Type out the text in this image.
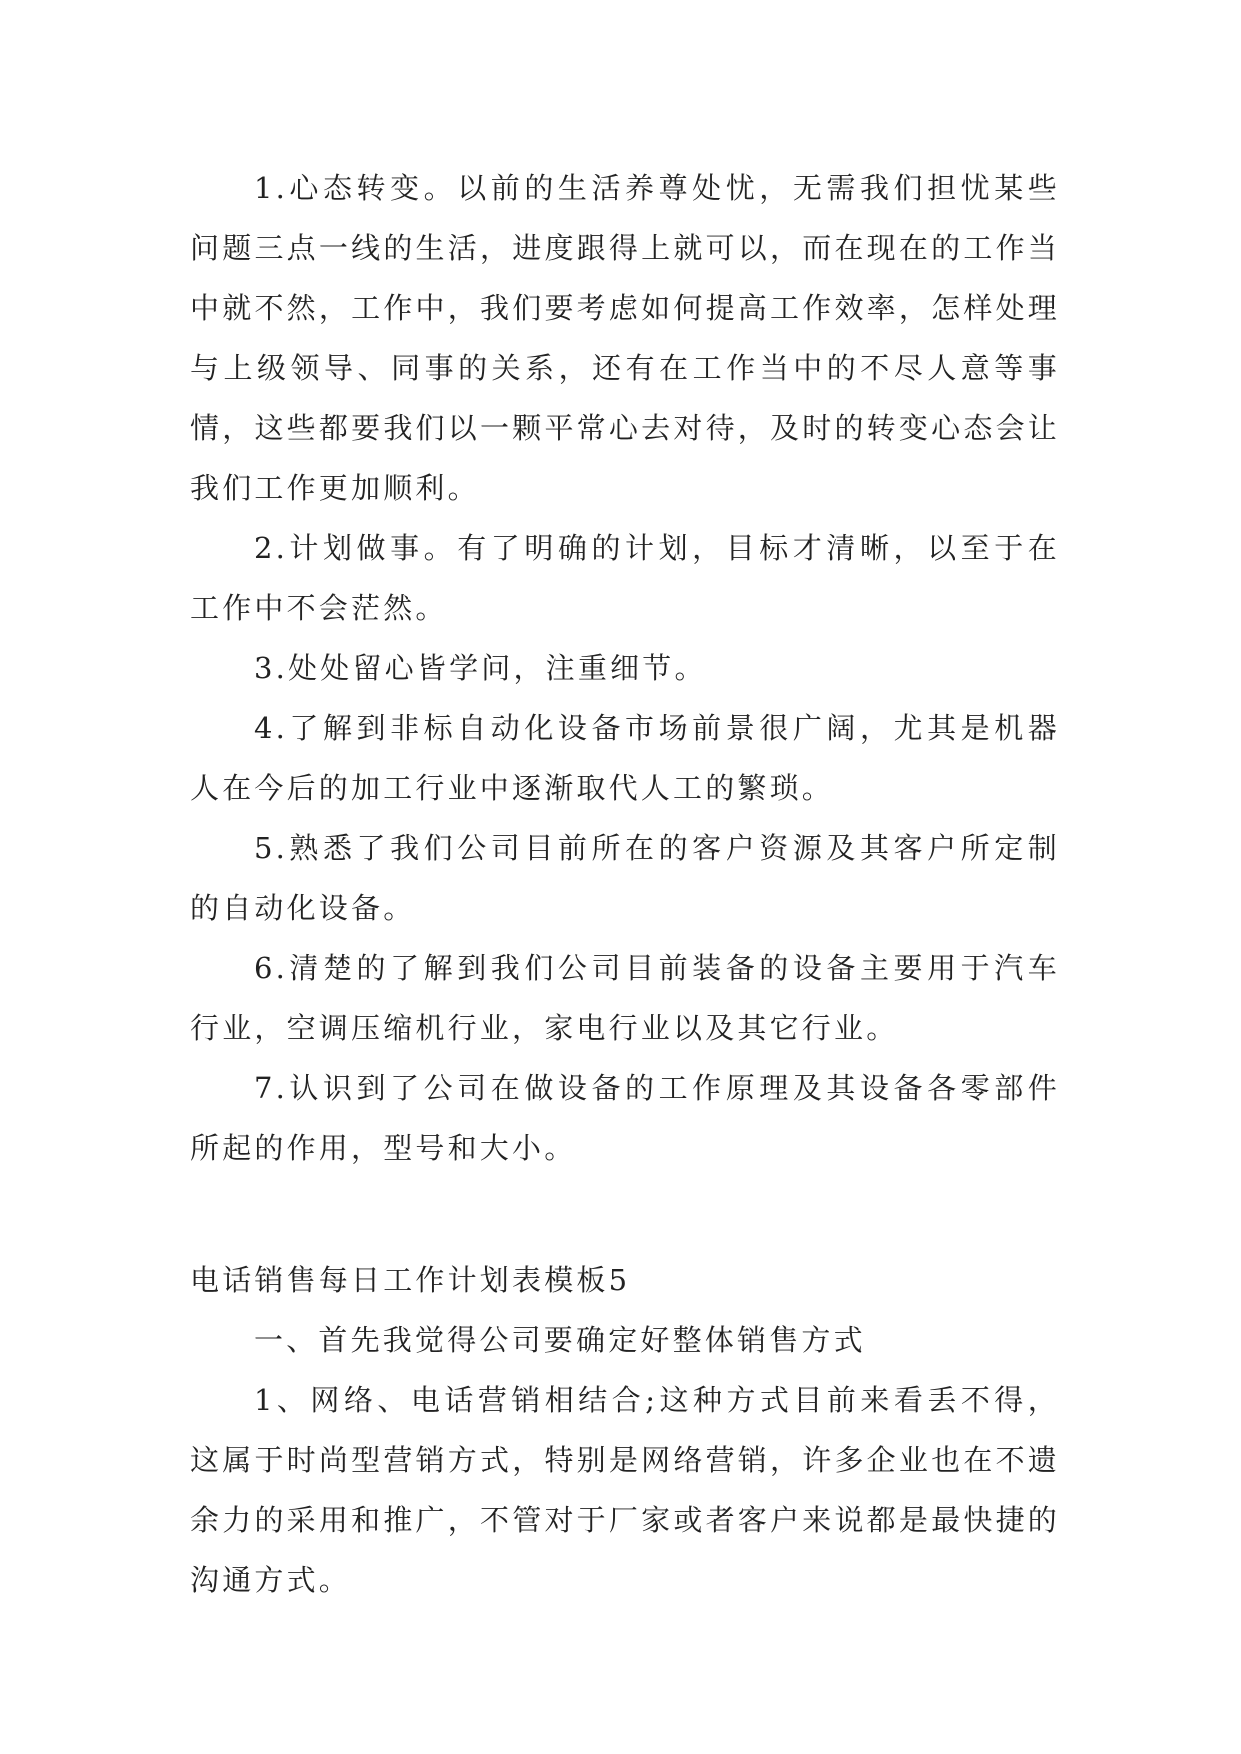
1.心态转变。以前的生活养尊处忧，无需我们担忧某些问题三点一线的生活，进度跟得上就可以，而在现在的工作当中就不然，工作中，我们要考虑如何提高工作效率，怎样处理与上级领导、同事的关系，还有在工作当中的不尽人意等事情，这些都要我们以一颗平常心去对待，及时的转变心态会让我们工作更加顺利。

2.计划做事。有了明确的计划，目标才清晰，以至于在工作中不会茫然。

3.处处留心皆学问，注重细节。

4.了解到非标自动化设备市场前景很广阔，尤其是机器人在今后的加工行业中逐渐取代人工的繁琐。

5.熟悉了我们公司目前所在的客户资源及其客户所定制的自动化设备。

6.清楚的了解到我们公司目前装备的设备主要用于汽车行业，空调压缩机行业，家电行业以及其它行业。

7.认识到了公司在做设备的工作原理及其设备各零部件所起的作用，型号和大小。

电话销售每日工作计划表模板5

一、首先我觉得公司要确定好整体销售方式

1、网络、电话营销相结合;这种方式目前来看丢不得，这属于时尚型营销方式，特别是网络营销，许多企业也在不遗余力的采用和推广，不管对于厂家或者客户来说都是最快捷的沟通方式。
